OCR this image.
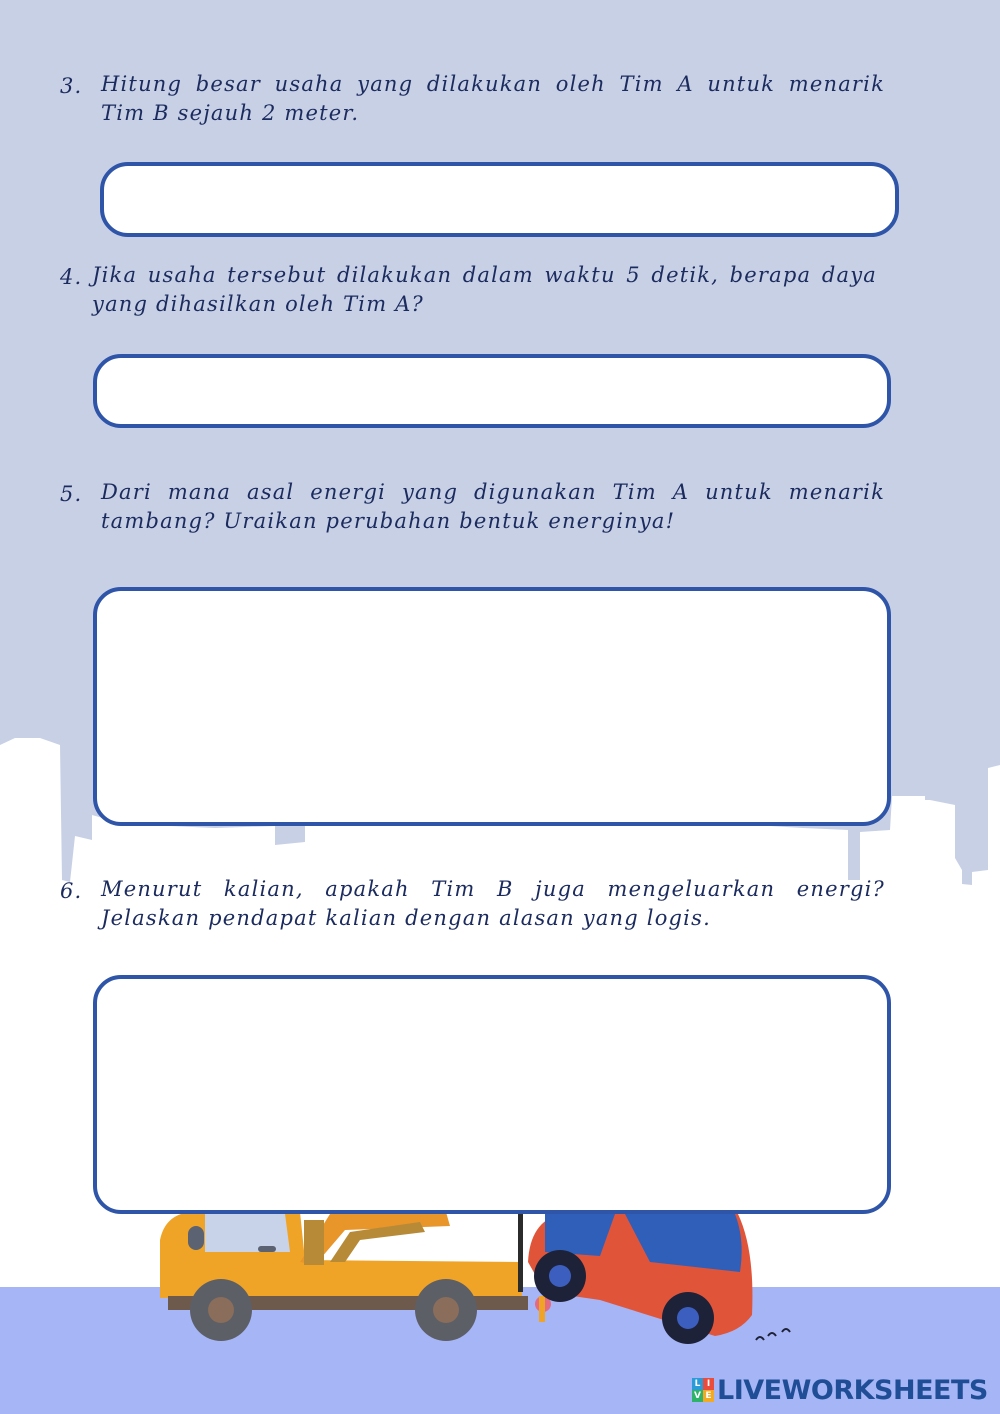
3. Hitung besar usaha yang dilakukan oleh Tim A untuk menarik Tim B sejauh 2 meter.
4. Jika usaha tersebut dilakukan dalam waktu 5 detik, berapa daya yang dihasilkan oleh Tim A?
5. Dari mana asal energi yang digunakan Tim A untuk menarik tambang? Uraikan perubahan bentuk energinya!
6. Menurut kalian, apakah Tim B juga mengeluarkan energi? Jelaskan pendapat kalian dengan alasan yang logis.
L I
V E LIVEWORKSHEETS
